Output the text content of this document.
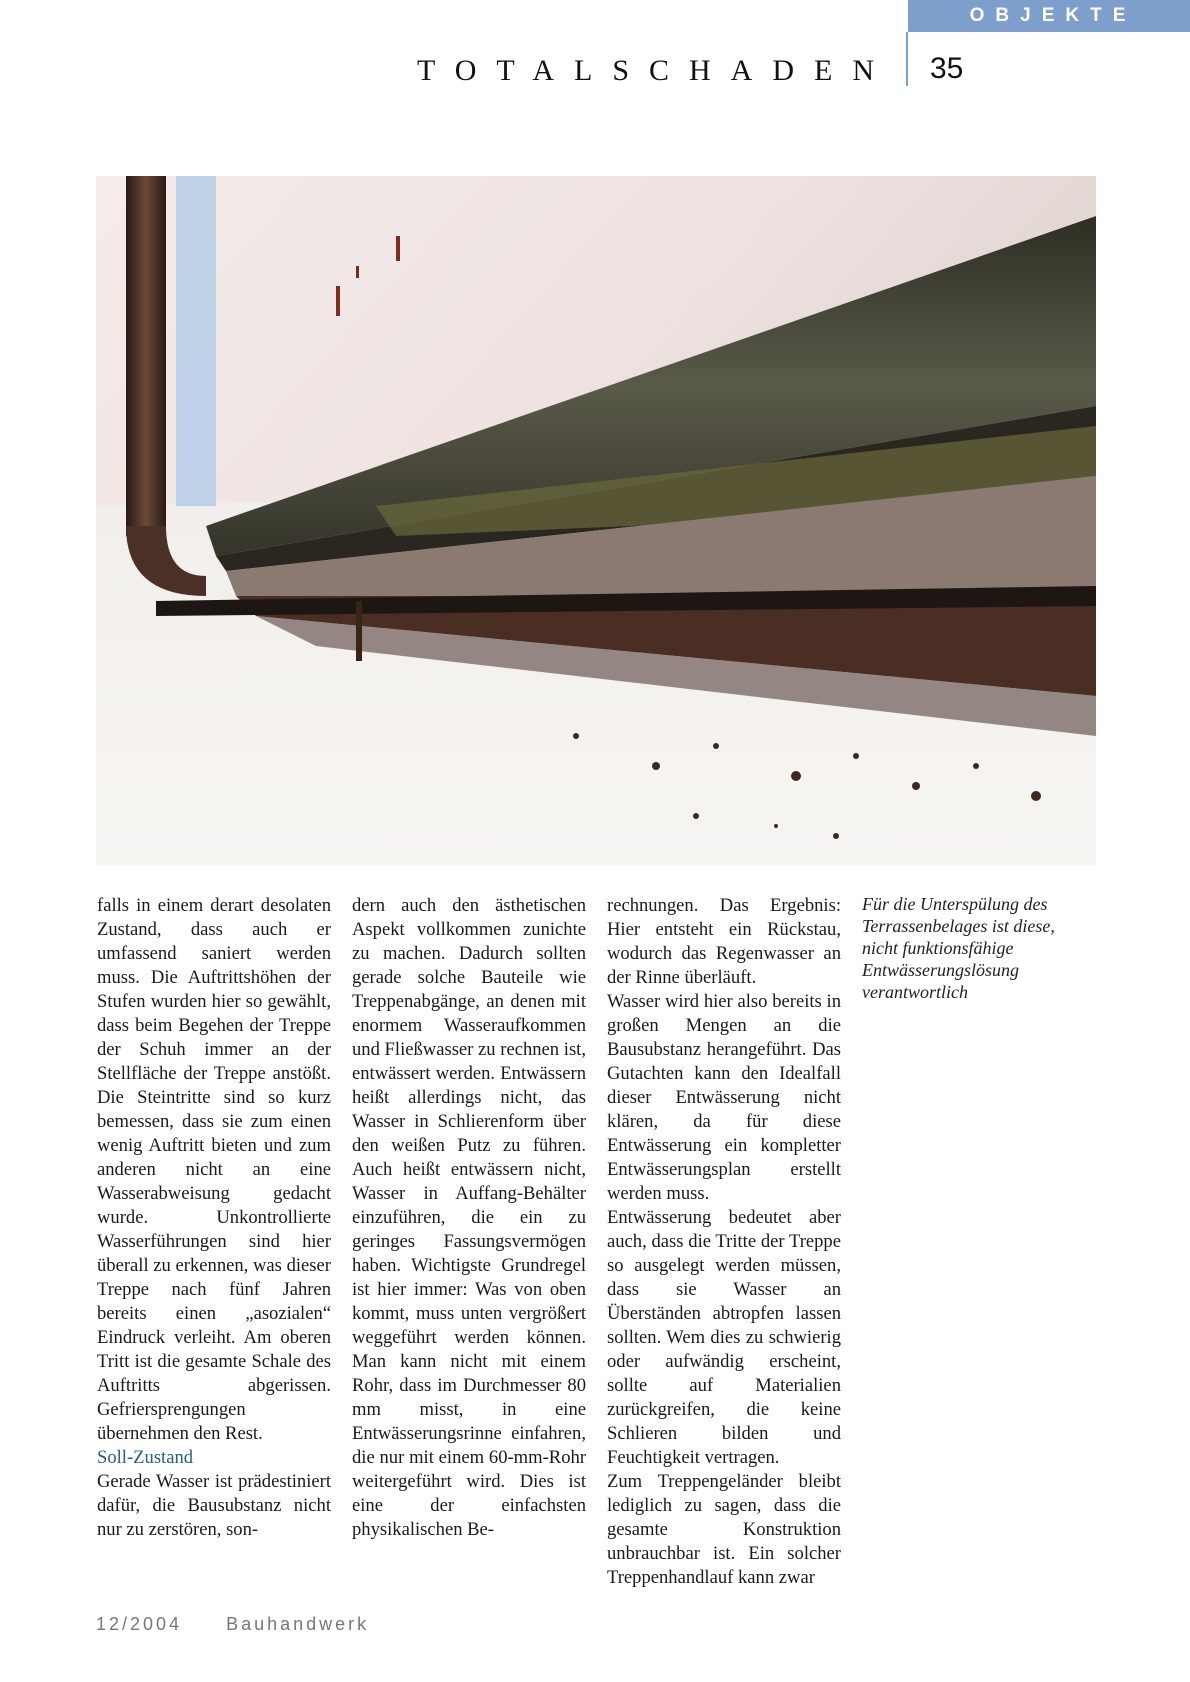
OBJEKTE
TOTALSCHADEN 35

falls in einem derart desolaten Zustand, dass auch er umfassend saniert werden muss. Die Auftrittshöhen der Stufen wurden hier so gewählt, dass beim Begehen der Treppe der Schuh immer an der Stellfläche der Treppe anstößt. Die Steintritte sind so kurz bemessen, dass sie zum einen wenig Auftritt bieten und zum anderen nicht an eine Wasserabweisung gedacht wurde. Unkontrollierte Wasserführungen sind hier überall zu erkennen, was dieser Treppe nach fünf Jahren bereits einen „asozialen“ Eindruck verleiht. Am oberen Tritt ist die gesamte Schale des Auftritts abgerissen. Gefriersprengungen übernehmen den Rest.

Soll-Zustand

Gerade Wasser ist prädestiniert dafür, die Bausubstanz nicht nur zu zerstören, son-

dern auch den ästhetischen Aspekt vollkommen zunichte zu machen. Dadurch sollten gerade solche Bauteile wie Treppenabgänge, an denen mit enormem Wasseraufkommen und Fließwasser zu rechnen ist, entwässert werden. Entwässern heißt allerdings nicht, das Wasser in Schlierenform über den weißen Putz zu führen. Auch heißt entwässern nicht, Wasser in Auffang-Behälter einzuführen, die ein zu geringes Fassungsvermögen haben. Wichtigste Grundregel ist hier immer: Was von oben kommt, muss unten vergrößert weggeführt werden können. Man kann nicht mit einem Rohr, dass im Durchmesser 80 mm misst, in eine Entwässerungsrinne einfahren, die nur mit einem 60-mm-Rohr weitergeführt wird. Dies ist eine der einfachsten physikalischen Be-

rechnungen. Das Ergebnis: Hier entsteht ein Rückstau, wodurch das Regenwasser an der Rinne überläuft.

Wasser wird hier also bereits in großen Mengen an die Bausubstanz herangeführt. Das Gutachten kann den Idealfall dieser Entwässerung nicht klären, da für diese Entwässerung ein kompletter Entwässerungsplan erstellt werden muss.

Entwässerung bedeutet aber auch, dass die Tritte der Treppe so ausgelegt werden müssen, dass sie Wasser an Überständen abtropfen lassen sollten. Wem dies zu schwierig oder aufwändig erscheint, sollte auf Materialien zurückgreifen, die keine Schlieren bilden und Feuchtigkeit vertragen.

Zum Treppengeländer bleibt lediglich zu sagen, dass die gesamte Konstruktion unbrauchbar ist. Ein solcher Treppenhandlauf kann zwar

Für die Unterspülung des Terrassenbelages ist diese, nicht funktionsfähige Entwässerungslösung verantwortlich
12/2004 Bauhandwerk
